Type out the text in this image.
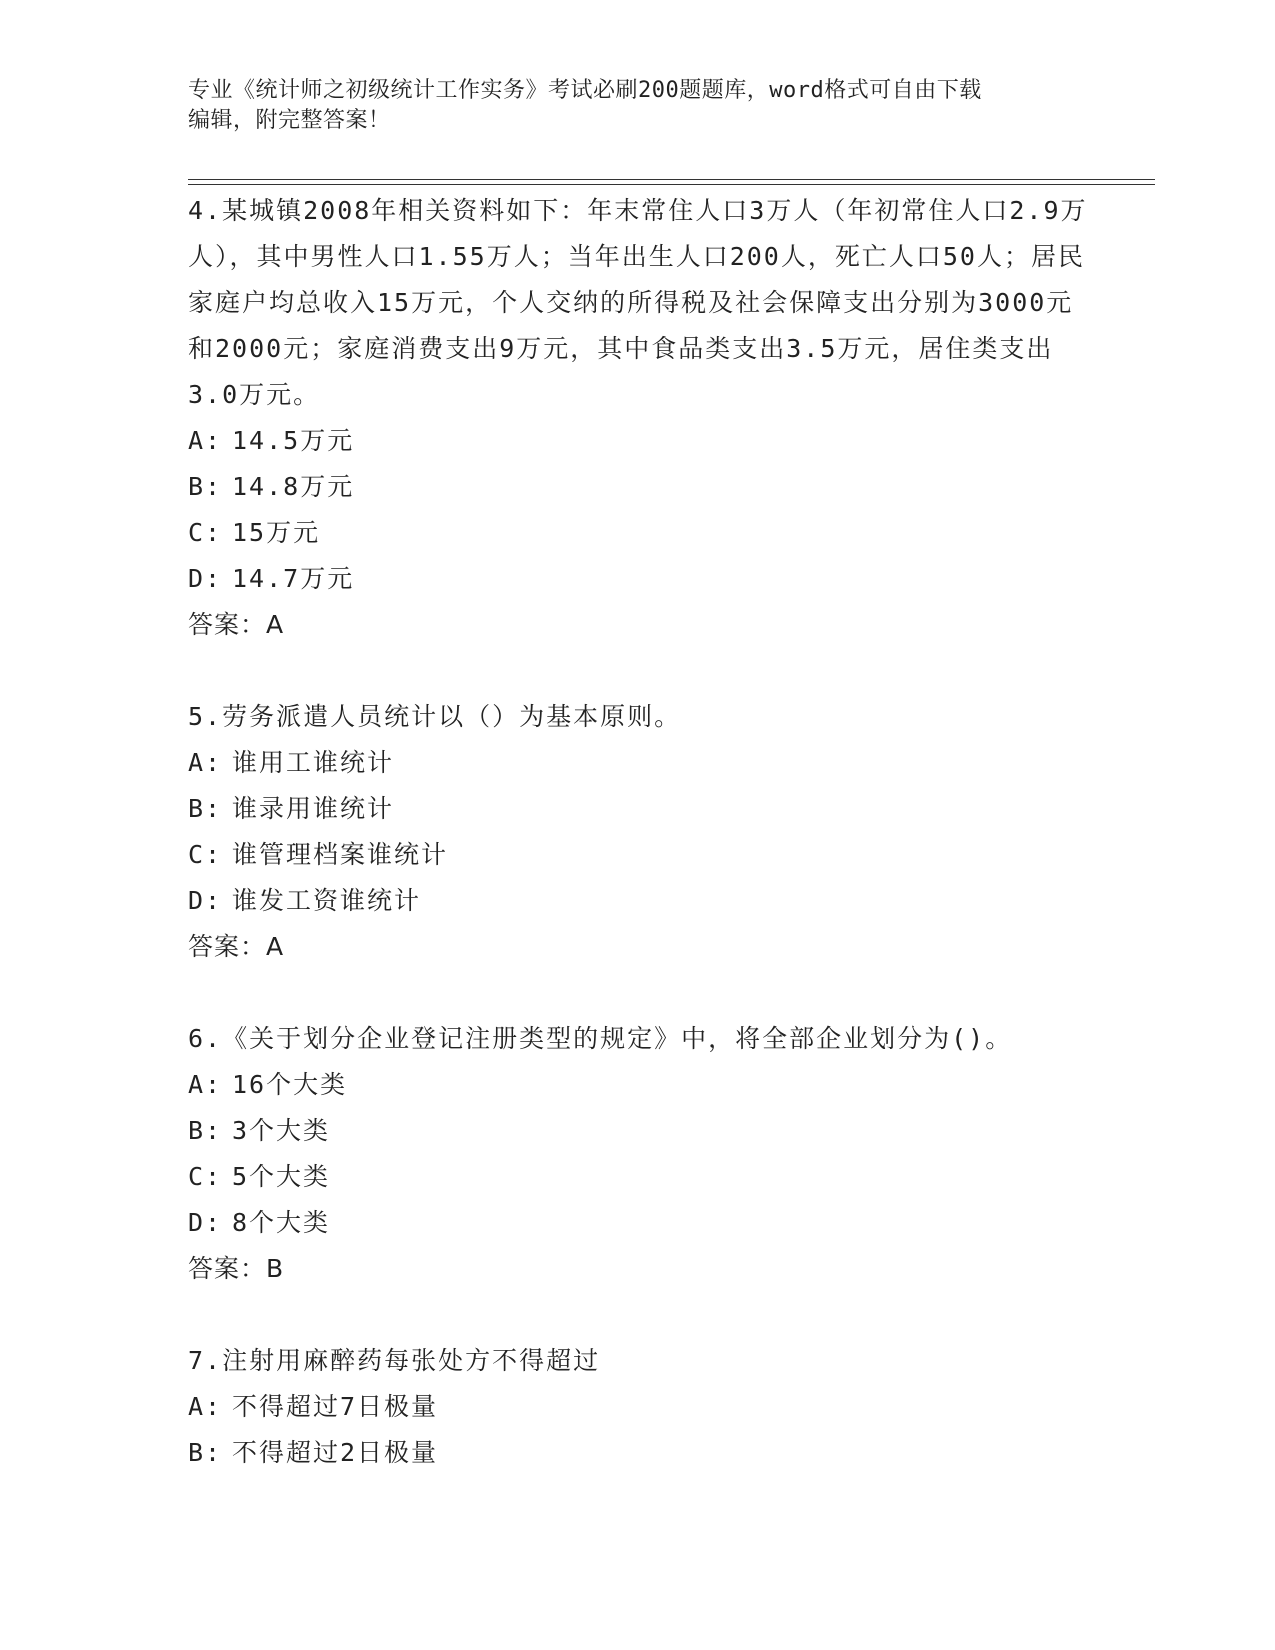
专业《统计师之初级统计工作实务》考试必刷200题题库，word格式可自由下载
编辑，附完整答案！

4.某城镇2008年相关资料如下：年末常住人口3万人（年初常住人口2.9万人），其中男性人口1.55万人；当年出生人口200人，死亡人口50人；居民家庭户均总收入15万元，个人交纳的所得税及社会保障支出分别为3000元和2000元；家庭消费支出9万元，其中食品类支出3.5万元，居住类支出3.0万元。

A: 14.5万元
B: 14.8万元
C: 15万元
D: 14.7万元
答案：A

5.劳务派遣人员统计以（）为基本原则。

A: 谁用工谁统计
B: 谁录用谁统计
C: 谁管理档案谁统计
D: 谁发工资谁统计
答案：A

6.《关于划分企业登记注册类型的规定》中，将全部企业划分为()。

A: 16个大类
B: 3个大类
C: 5个大类
D: 8个大类
答案：B

7.注射用麻醉药每张处方不得超过

A: 不得超过7日极量
B: 不得超过2日极量
